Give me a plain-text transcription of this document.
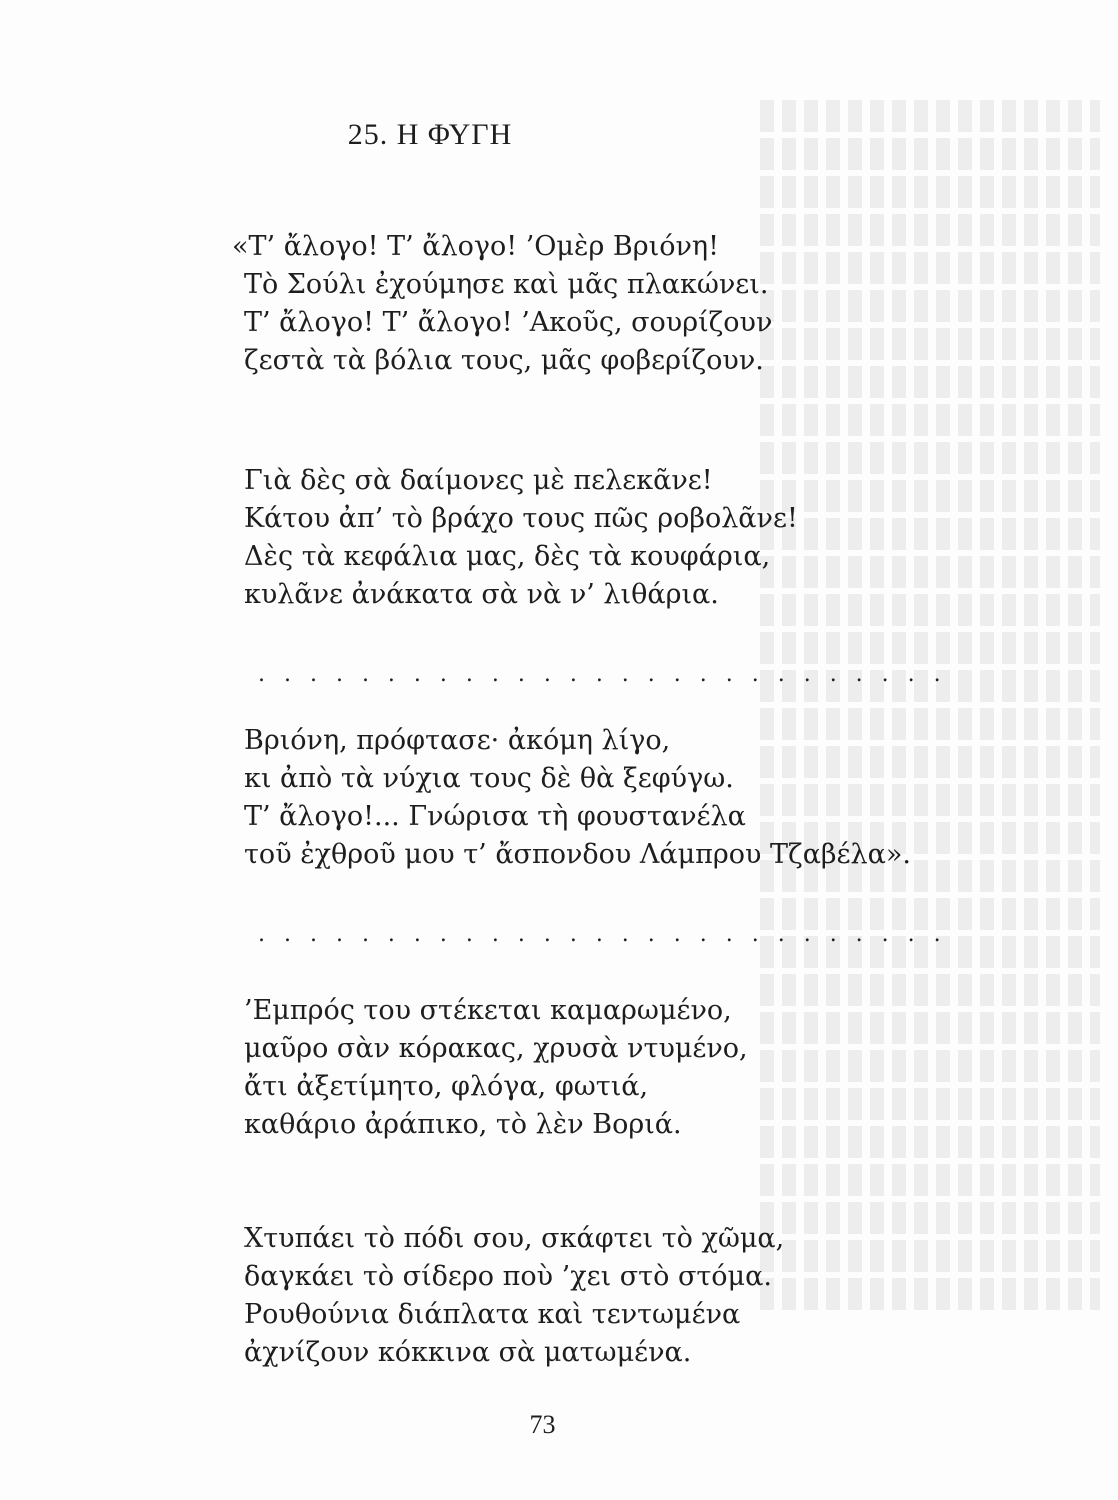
25. Η ΦΥΓΗ
«Τ’ ἄλογο! Τ’ ἄλογο! ’Ομὲρ Βριόνη!
Τὸ Σούλι ἐχούμησε καὶ μᾶς πλακώνει.
Τ’ ἄλογο! Τ’ ἄλογο! ’Ακοῦς, σουρίζουν
ζεστὰ τὰ βόλια τους, μᾶς φοβερίζουν.
Γιὰ δὲς σὰ δαίμονες μὲ πελεκᾶνε!
Κάτου ἀπ’ τὸ βράχο τους πῶς ροβολᾶνε!
Δὲς τὰ κεφάλια μας, δὲς τὰ κουφάρια,
κυλᾶνε ἀνάκατα σὰ νὰ ν’ λιθάρια.
. . . . . . . . . . . . . . . . . . . . . . . . . . .
Βριόνη, πρόφτασε· ἀκόμη λίγο,
κι ἀπὸ τὰ νύχια τους δὲ θὰ ξεφύγω.
Τ’ ἄλογο!... Γνώρισα τὴ φουστανέλα
τοῦ ἐχθροῦ μου τ’ ἄσπονδου Λάμπρου Τζαβέλα».
. . . . . . . . . . . . . . . . . . . . . . . . . . .
’Εμπρός του στέκεται καμαρωμένο,
μαῦρο σὰν κόρακας, χρυσὰ ντυμένο,
ἄτι ἀξετίμητο, φλόγα, φωτιά,
καθάριο ἀράπικο, τὸ λὲν Βοριά.
Χτυπάει τὸ πόδι σου, σκάφτει τὸ χῶμα,
δαγκάει τὸ σίδερο ποὺ ’χει στὸ στόμα.
Ρουθούνια διάπλατα καὶ τεντωμένα
ἀχνίζουν κόκκινα σὰ ματωμένα.
73
